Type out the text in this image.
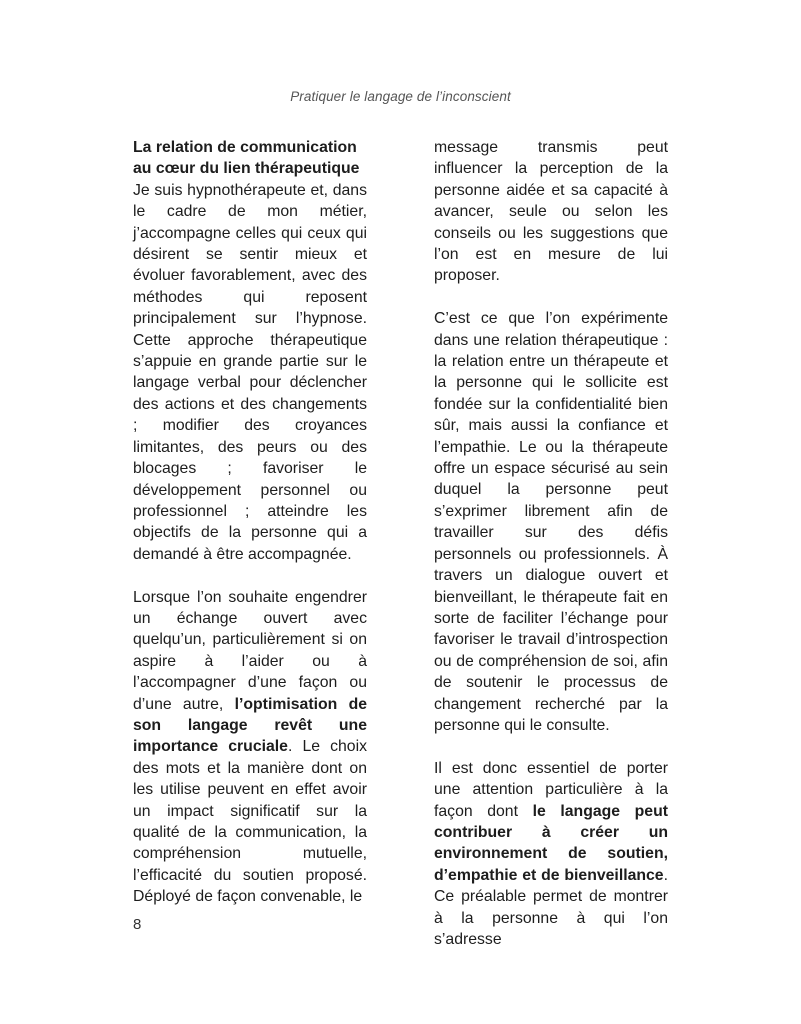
Pratiquer le langage de l’inconscient

La relation de communication au cœur du lien thérapeutique

Je suis hypnothérapeute et, dans le cadre de mon métier, j’accompagne celles qui ceux qui désirent se sentir mieux et évoluer favorablement, avec des méthodes qui reposent principalement sur l’hypnose. Cette approche thérapeutique s’appuie en grande partie sur le langage verbal pour déclencher des actions et des changements ; modifier des croyances limitantes, des peurs ou des blocages ; favoriser le développement personnel ou professionnel ; atteindre les objectifs de la personne qui a demandé à être accompagnée.

Lorsque l’on souhaite engendrer un échange ouvert avec quelqu’un, particulièrement si on aspire à l’aider ou à l’accompagner d’une façon ou d’une autre, l’optimisation de son langage revêt une importance cruciale. Le choix des mots et la manière dont on les utilise peuvent en effet avoir un impact significatif sur la qualité de la communication, la compréhension mutuelle, l’efficacité du soutien proposé. Déployé de façon convenable, le

message transmis peut influencer la perception de la personne aidée et sa capacité à avancer, seule ou selon les conseils ou les suggestions que l’on est en mesure de lui proposer.

C’est ce que l’on expérimente dans une relation thérapeutique : la relation entre un thérapeute et la personne qui le sollicite est fondée sur la confidentialité bien sûr, mais aussi la confiance et l’empathie. Le ou la thérapeute offre un espace sécurisé au sein duquel la personne peut s’exprimer librement afin de travailler sur des défis personnels ou professionnels. À travers un dialogue ouvert et bienveillant, le thérapeute fait en sorte de faciliter l’échange pour favoriser le travail d’introspection ou de compréhension de soi, afin de soutenir le processus de changement recherché par la personne qui le consulte.

Il est donc essentiel de porter une attention particulière à la façon dont le langage peut contribuer à créer un environnement de soutien, d’empathie et de bienveillance. Ce préalable permet de montrer à la personne à qui l’on s’adresse

8
